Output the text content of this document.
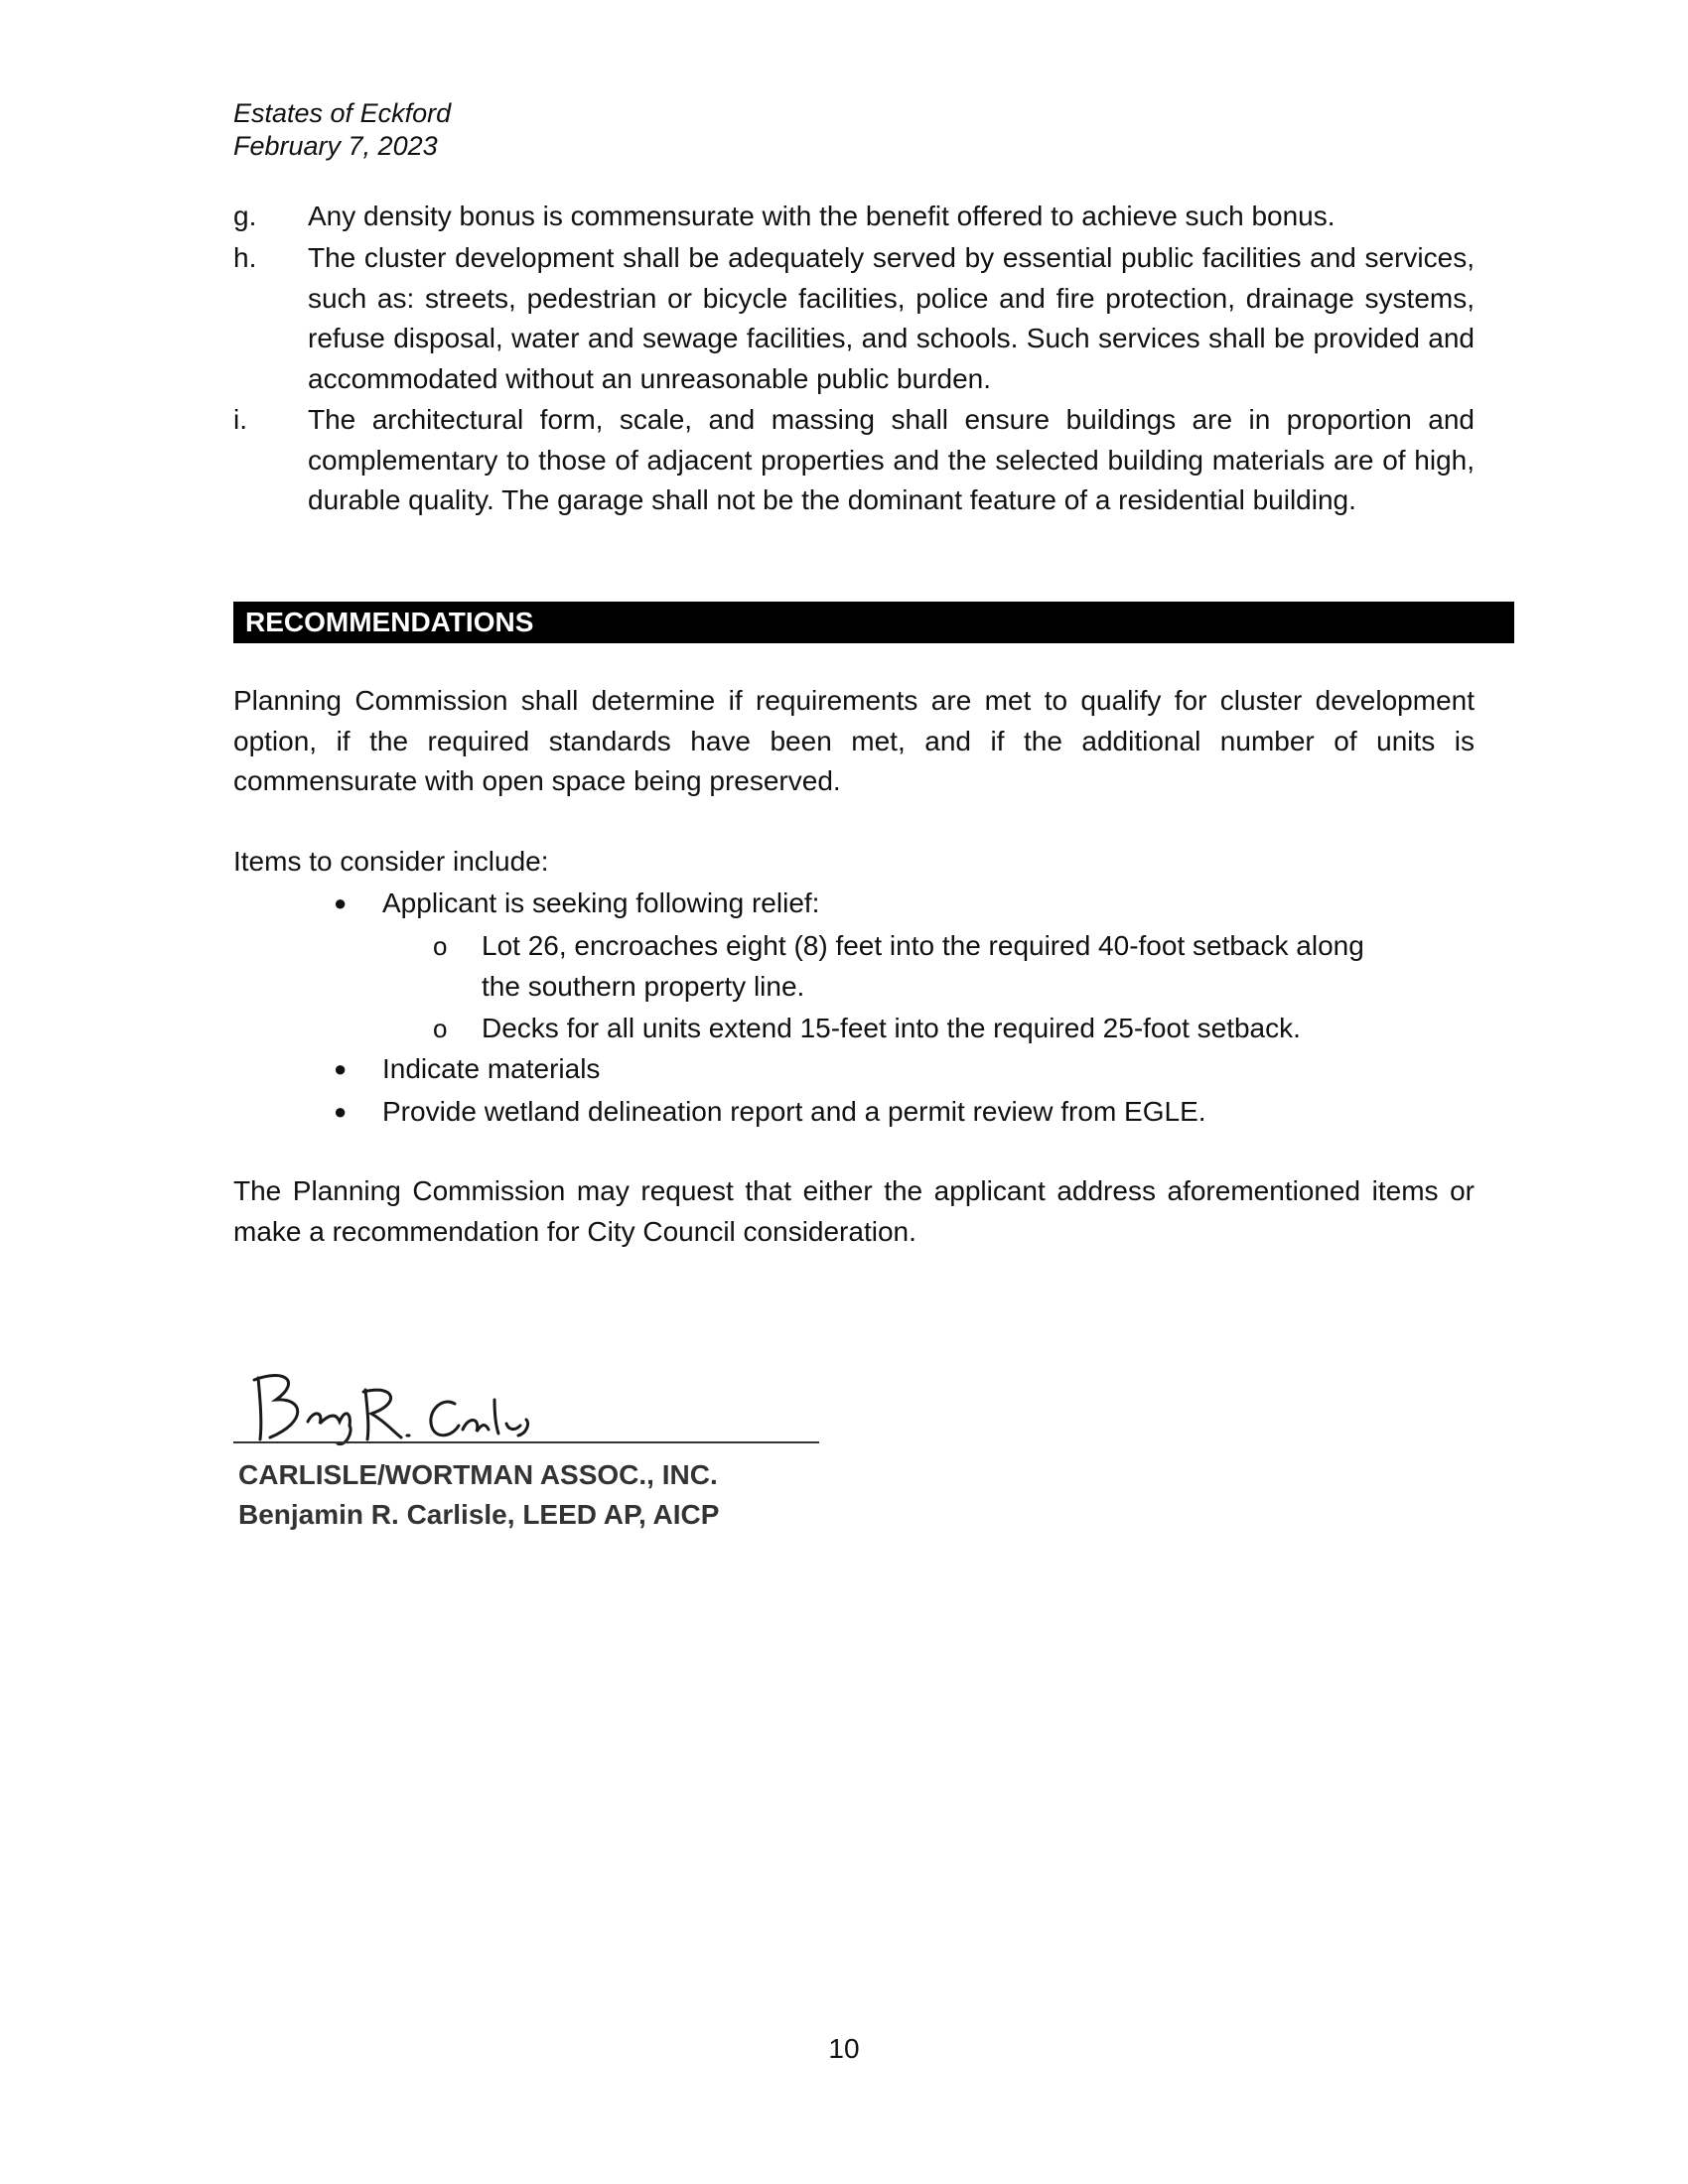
Estates of Eckford
February 7, 2023
g. Any density bonus is commensurate with the benefit offered to achieve such bonus.
h. The cluster development shall be adequately served by essential public facilities and services, such as: streets, pedestrian or bicycle facilities, police and fire protection, drainage systems, refuse disposal, water and sewage facilities, and schools. Such services shall be provided and accommodated without an unreasonable public burden.
i. The architectural form, scale, and massing shall ensure buildings are in proportion and complementary to those of adjacent properties and the selected building materials are of high, durable quality. The garage shall not be the dominant feature of a residential building.
RECOMMENDATIONS
Planning Commission shall determine if requirements are met to qualify for cluster development option, if the required standards have been met, and if the additional number of units is commensurate with open space being preserved.
Items to consider include:
● Applicant is seeking following relief:
o Lot 26, encroaches eight (8) feet into the required 40-foot setback along
the southern property line.
o Decks for all units extend 15-feet into the required 25-foot setback.
● Indicate materials
● Provide wetland delineation report and a permit review from EGLE.
The Planning Commission may request that either the applicant address aforementioned items or make a recommendation for City Council consideration.
CARLISLE/WORTMAN ASSOC., INC.
Benjamin R. Carlisle, LEED AP, AICP
10
